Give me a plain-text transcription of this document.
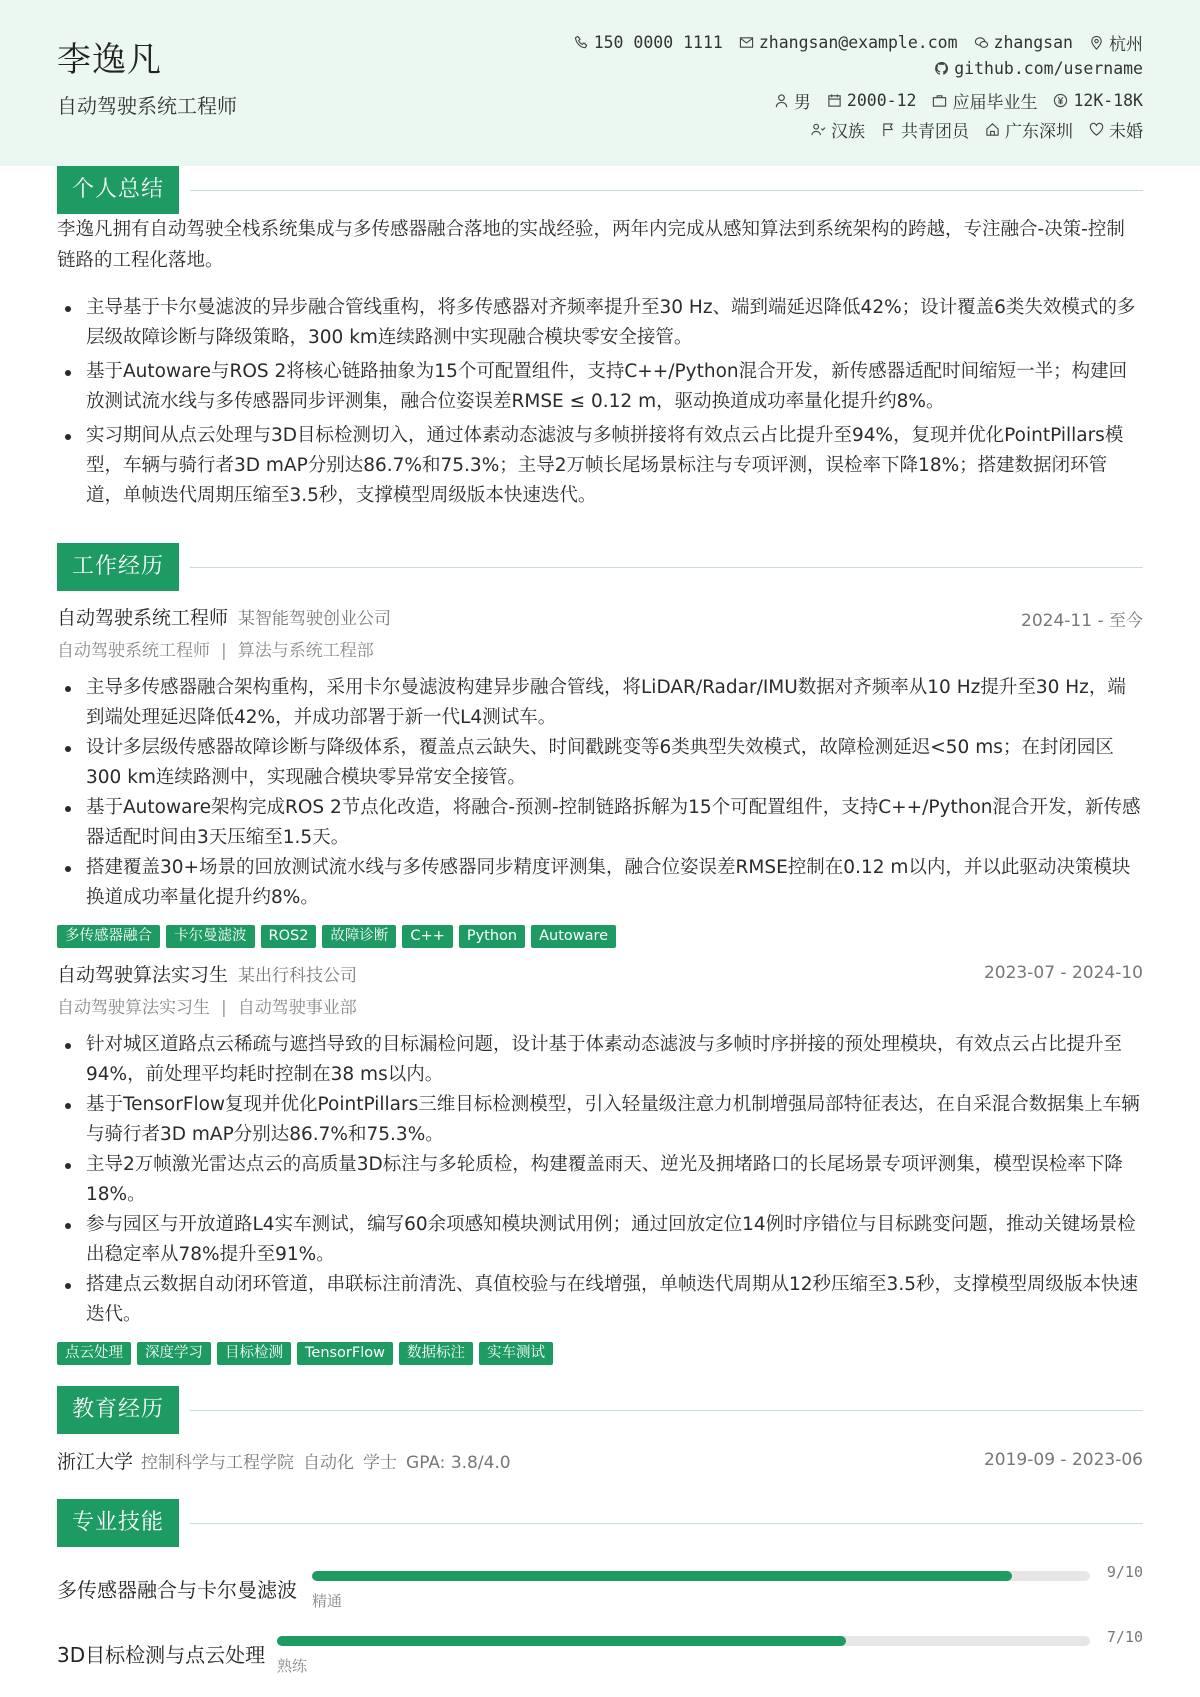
李逸凡
自动驾驶系统工程师
150 0000 1111 zhangsan@example.com zhangsan 杭州
github.com/username
男 2000-12 应届毕业生 12K-18K
汉族 共青团员 广东深圳 未婚
个人总结
李逸凡拥有自动驾驶全栈系统集成与多传感器融合落地的实战经验，两年内完成从感知算法到系统架构的跨越，专注融合-决策-控制链路的工程化落地。
主导基于卡尔曼滤波的异步融合管线重构，将多传感器对齐频率提升至30 Hz、端到端延迟降低42%；设计覆盖6类失效模式的多层级故障诊断与降级策略，300 km连续路测中实现融合模块零安全接管。
基于Autoware与ROS 2将核心链路抽象为15个可配置组件，支持C++/Python混合开发，新传感器适配时间缩短一半；构建回放测试流水线与多传感器同步评测集，融合位姿误差RMSE ≤ 0.12 m，驱动换道成功率量化提升约8%。
实习期间从点云处理与3D目标检测切入，通过体素动态滤波与多帧拼接将有效点云占比提升至94%，复现并优化PointPillars模型，车辆与骑行者3D mAP分别达86.7%和75.3%；主导2万帧长尾场景标注与专项评测，误检率下降18%；搭建数据闭环管道，单帧迭代周期压缩至3.5秒，支撑模型周级版本快速迭代。
工作经历
自动驾驶系统工程师 某智能驾驶创业公司	2024-11 - 至今
自动驾驶系统工程师 | 算法与系统工程部
主导多传感器融合架构重构，采用卡尔曼滤波构建异步融合管线，将LiDAR/Radar/IMU数据对齐频率从10 Hz提升至30 Hz，端到端处理延迟降低42%，并成功部署于新一代L4测试车。
设计多层级传感器故障诊断与降级体系，覆盖点云缺失、时间戳跳变等6类典型失效模式，故障检测延迟<50 ms；在封闭园区300 km连续路测中，实现融合模块零异常安全接管。
基于Autoware架构完成ROS 2节点化改造，将融合-预测-控制链路拆解为15个可配置组件，支持C++/Python混合开发，新传感器适配时间由3天压缩至1.5天。
搭建覆盖30+场景的回放测试流水线与多传感器同步精度评测集，融合位姿误差RMSE控制在0.12 m以内，并以此驱动决策模块换道成功率量化提升约8%。
多传感器融合	卡尔曼滤波	ROS2	故障诊断	C++	Python	Autoware
自动驾驶算法实习生 某出行科技公司	2023-07 - 2024-10
自动驾驶算法实习生 | 自动驾驶事业部
针对城区道路点云稀疏与遮挡导致的目标漏检问题，设计基于体素动态滤波与多帧时序拼接的预处理模块，有效点云占比提升至94%，前处理平均耗时控制在38 ms以内。
基于TensorFlow复现并优化PointPillars三维目标检测模型，引入轻量级注意力机制增强局部特征表达，在自采混合数据集上车辆与骑行者3D mAP分别达86.7%和75.3%。
主导2万帧激光雷达点云的高质量3D标注与多轮质检，构建覆盖雨天、逆光及拥堵路口的长尾场景专项评测集，模型误检率下降18%。
参与园区与开放道路L4实车测试，编写60余项感知模块测试用例；通过回放定位14例时序错位与目标跳变问题，推动关键场景检出稳定率从78%提升至91%。
搭建点云数据自动闭环管道，串联标注前清洗、真值校验与在线增强，单帧迭代周期从12秒压缩至3.5秒，支撑模型周级版本快速迭代。
点云处理	深度学习	目标检测	TensorFlow	数据标注	实车测试
教育经历
浙江大学 控制科学与工程学院 自动化 学士 GPA: 3.8/4.0	2019-09 - 2023-06
专业技能
多传感器融合与卡尔曼滤波
9/10
精通
3D目标检测与点云处理
7/10
熟练
